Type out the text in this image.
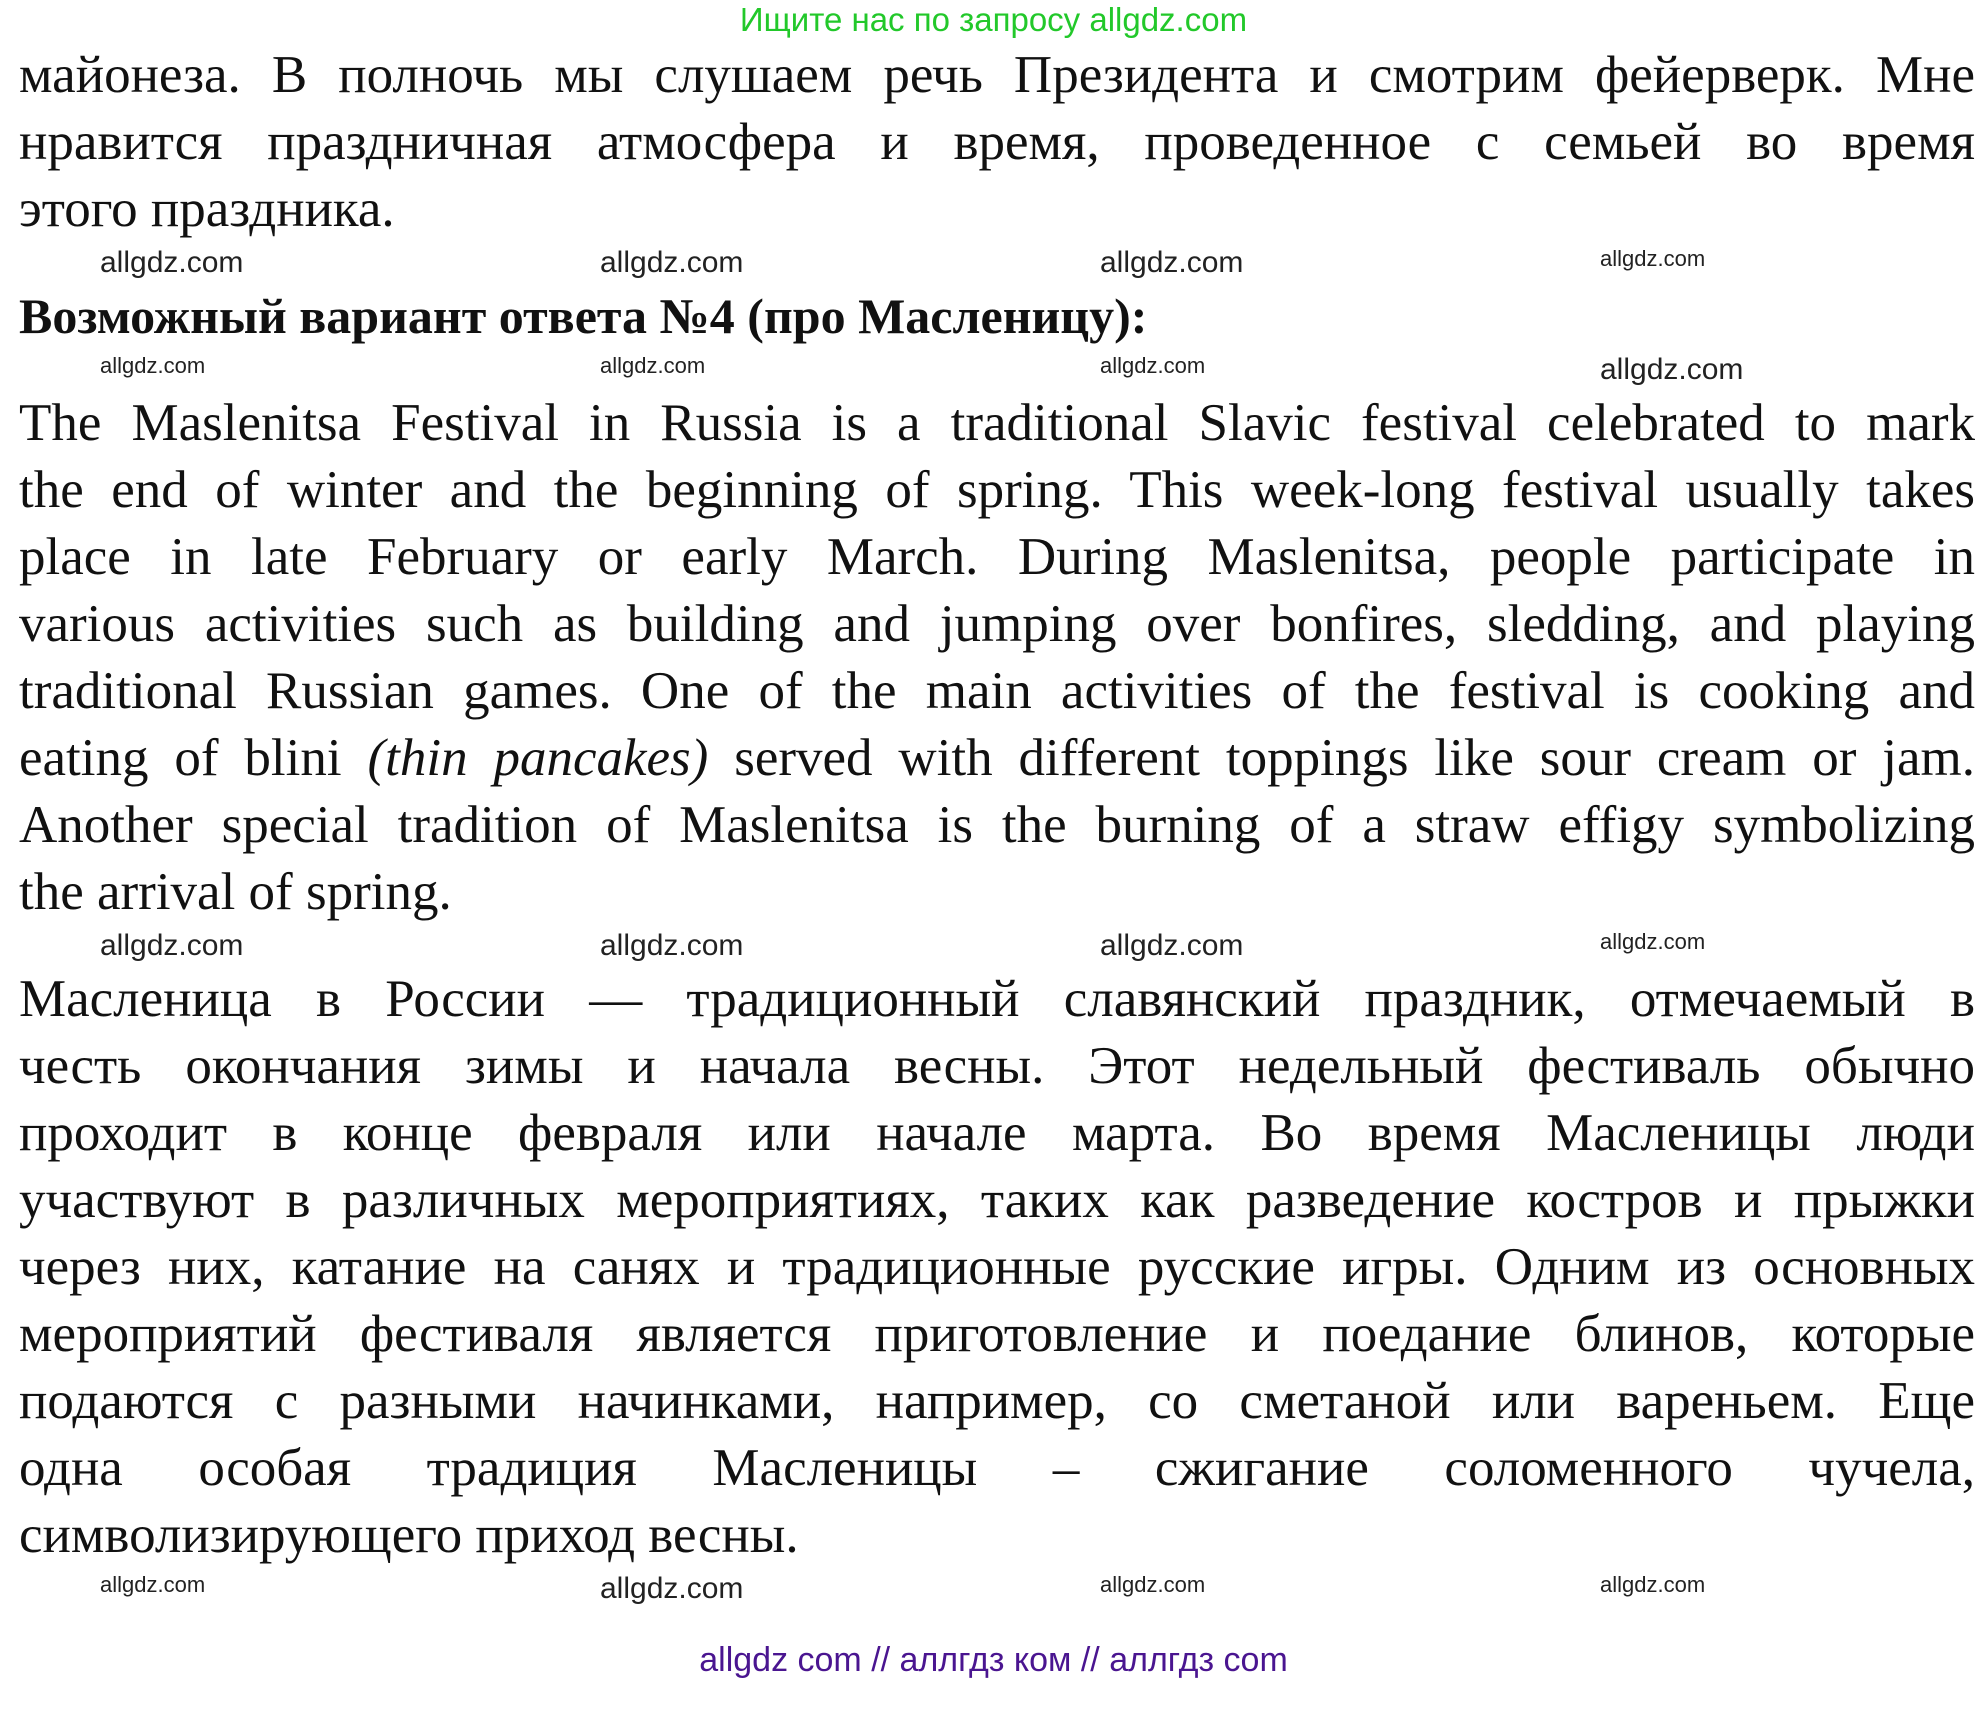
Ищите нас по запросу allgdz.com
майонеза. В полночь мы слушаем речь Президента и смотрим фейерверк. Мне
нравится праздничная атмосфера и время, проведенное с семьей во время
этого праздника.
Возможный вариант ответа №4 (про Масленицу):
The Maslenitsa Festival in Russia is a traditional Slavic festival celebrated to mark
the end of winter and the beginning of spring. This week-long festival usually takes
place in late February or early March. During Maslenitsa, people participate in
various activities such as building and jumping over bonfires, sledding, and playing
traditional Russian games. One of the main activities of the festival is cooking and
eating of blini (thin pancakes) served with different toppings like sour cream or jam.
Another special tradition of Maslenitsa is the burning of a straw effigy symbolizing
the arrival of spring.
Масленица в России — традиционный славянский праздник, отмечаемый в
честь окончания зимы и начала весны. Этот недельный фестиваль обычно
проходит в конце февраля или начале марта. Во время Масленицы люди
участвуют в различных мероприятиях, таких как разведение костров и прыжки
через них, катание на санях и традиционные русские игры. Одним из основных
мероприятий фестиваля является приготовление и поедание блинов, которые
подаются с разными начинками, например, со сметаной или вареньем. Еще
одна особая традиция Масленицы – сжигание соломенного чучела,
символизирующего приход весны.
allgdz.com
allgdz.com
allgdz.com	allgdz.com
allgdz.com
allgdz.com	allgdz.com	allgdz.com
allgdz.com
allgdz.com	allgdz.com	allgdz.com
allgdz.com
allgdz.com	allgdz.com
allgdz.com
allgdz com // аллгдз ком // аллгдз com
